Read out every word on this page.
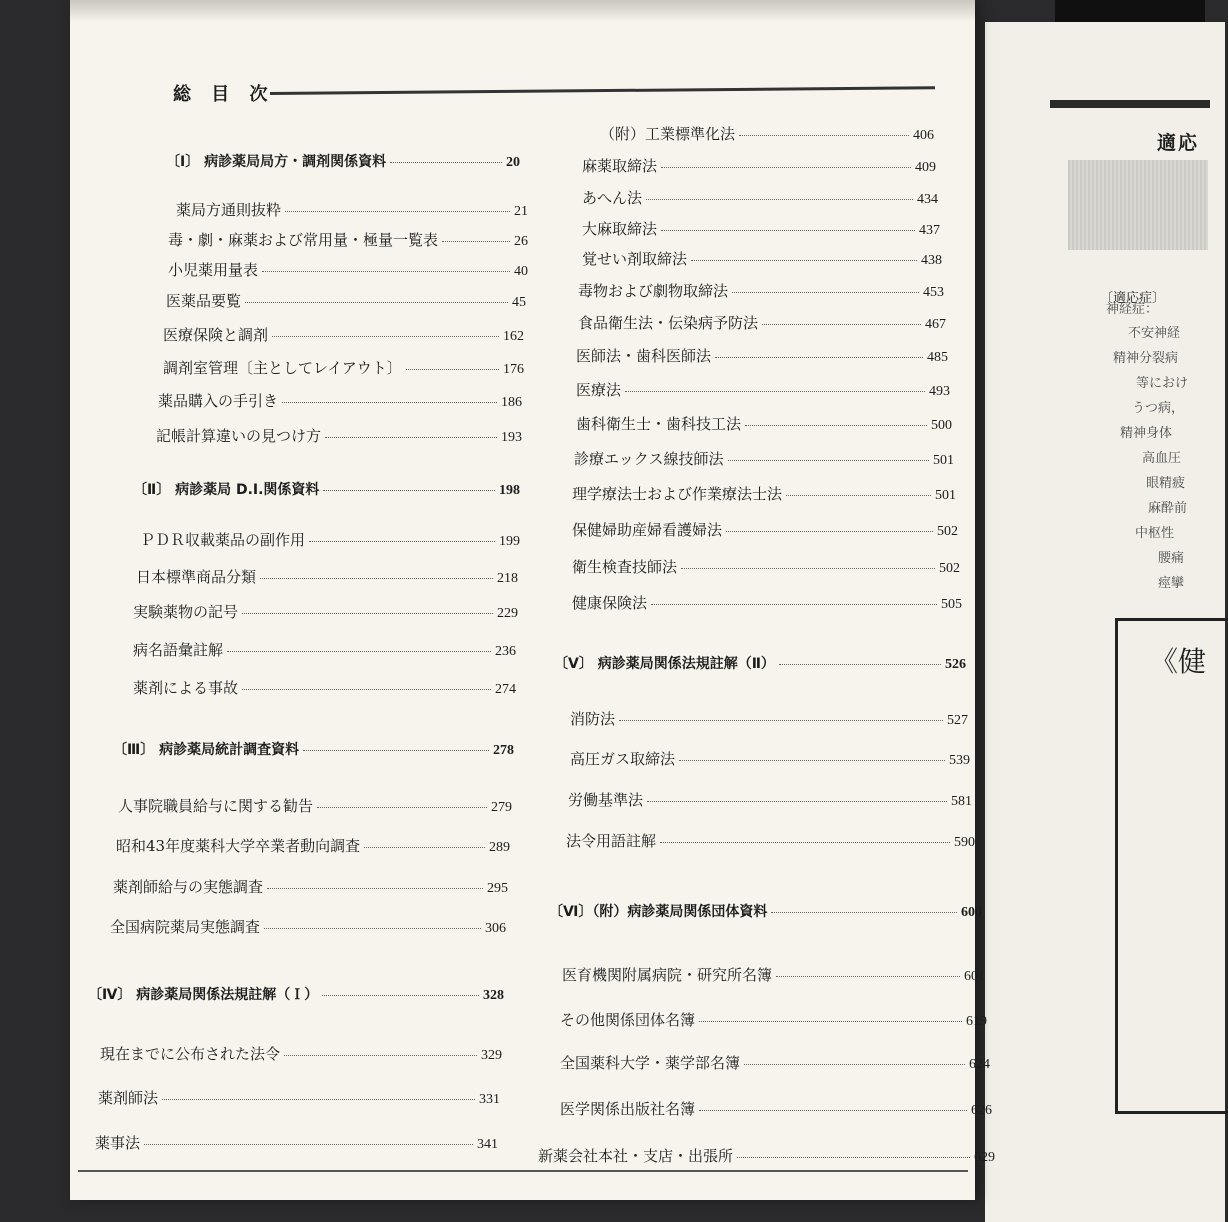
適応
〔適応症〕
神経症：
不安神経
精神分裂病
等におけ
うつ病，
精神身体
高血圧
眼精疲
麻酔前
中枢性
腰痛
痙攣
《健
総 目 次
〔Ⅰ〕 病診薬局局方・調剤関係資料	20
薬局方通則抜粋	21
毒・劇・麻薬および常用量・極量一覧表	26
小児薬用量表	40
医薬品要覧	45
医療保険と調剤	162
調剤室管理〔主としてレイアウト〕	176
薬品購入の手引き	186
記帳計算違いの見つけ方	193
〔Ⅱ〕 病診薬局 D.I.関係資料	198
ＰＤＲ収載薬品の副作用	199
日本標準商品分類	218
実験薬物の記号	229
病名語彙註解	236
薬剤による事故	274
〔Ⅲ〕 病診薬局統計調査資料	278
人事院職員給与に関する勧告	279
昭和43年度薬科大学卒業者動向調査	289
薬剤師給与の実態調査	295
全国病院薬局実態調査	306
〔Ⅳ〕 病診薬局関係法規註解（Ｉ）	328
現在までに公布された法令	329
薬剤師法	331
薬事法	341
（附）工業標準化法	406
麻薬取締法	409
あへん法	434
大麻取締法	437
覚せい剤取締法	438
毒物および劇物取締法	453
食品衛生法・伝染病予防法	467
医師法・歯科医師法	485
医療法	493
歯科衛生士・歯科技工法	500
診療エックス線技師法	501
理学療法士および作業療法士法	501
保健婦助産婦看護婦法	502
衛生検査技師法	502
健康保険法	505
〔Ⅴ〕 病診薬局関係法規註解（Ⅱ）	526
消防法	527
高圧ガス取締法	539
労働基準法	581
法令用語註解	590
〔Ⅵ〕（附）病診薬局関係団体資料	600
医育機関附属病院・研究所名簿	601
その他関係団体名簿	619
全国薬科大学・薬学部名簿	624
医学関係出版社名簿	626
新薬会社本社・支店・出張所	629
